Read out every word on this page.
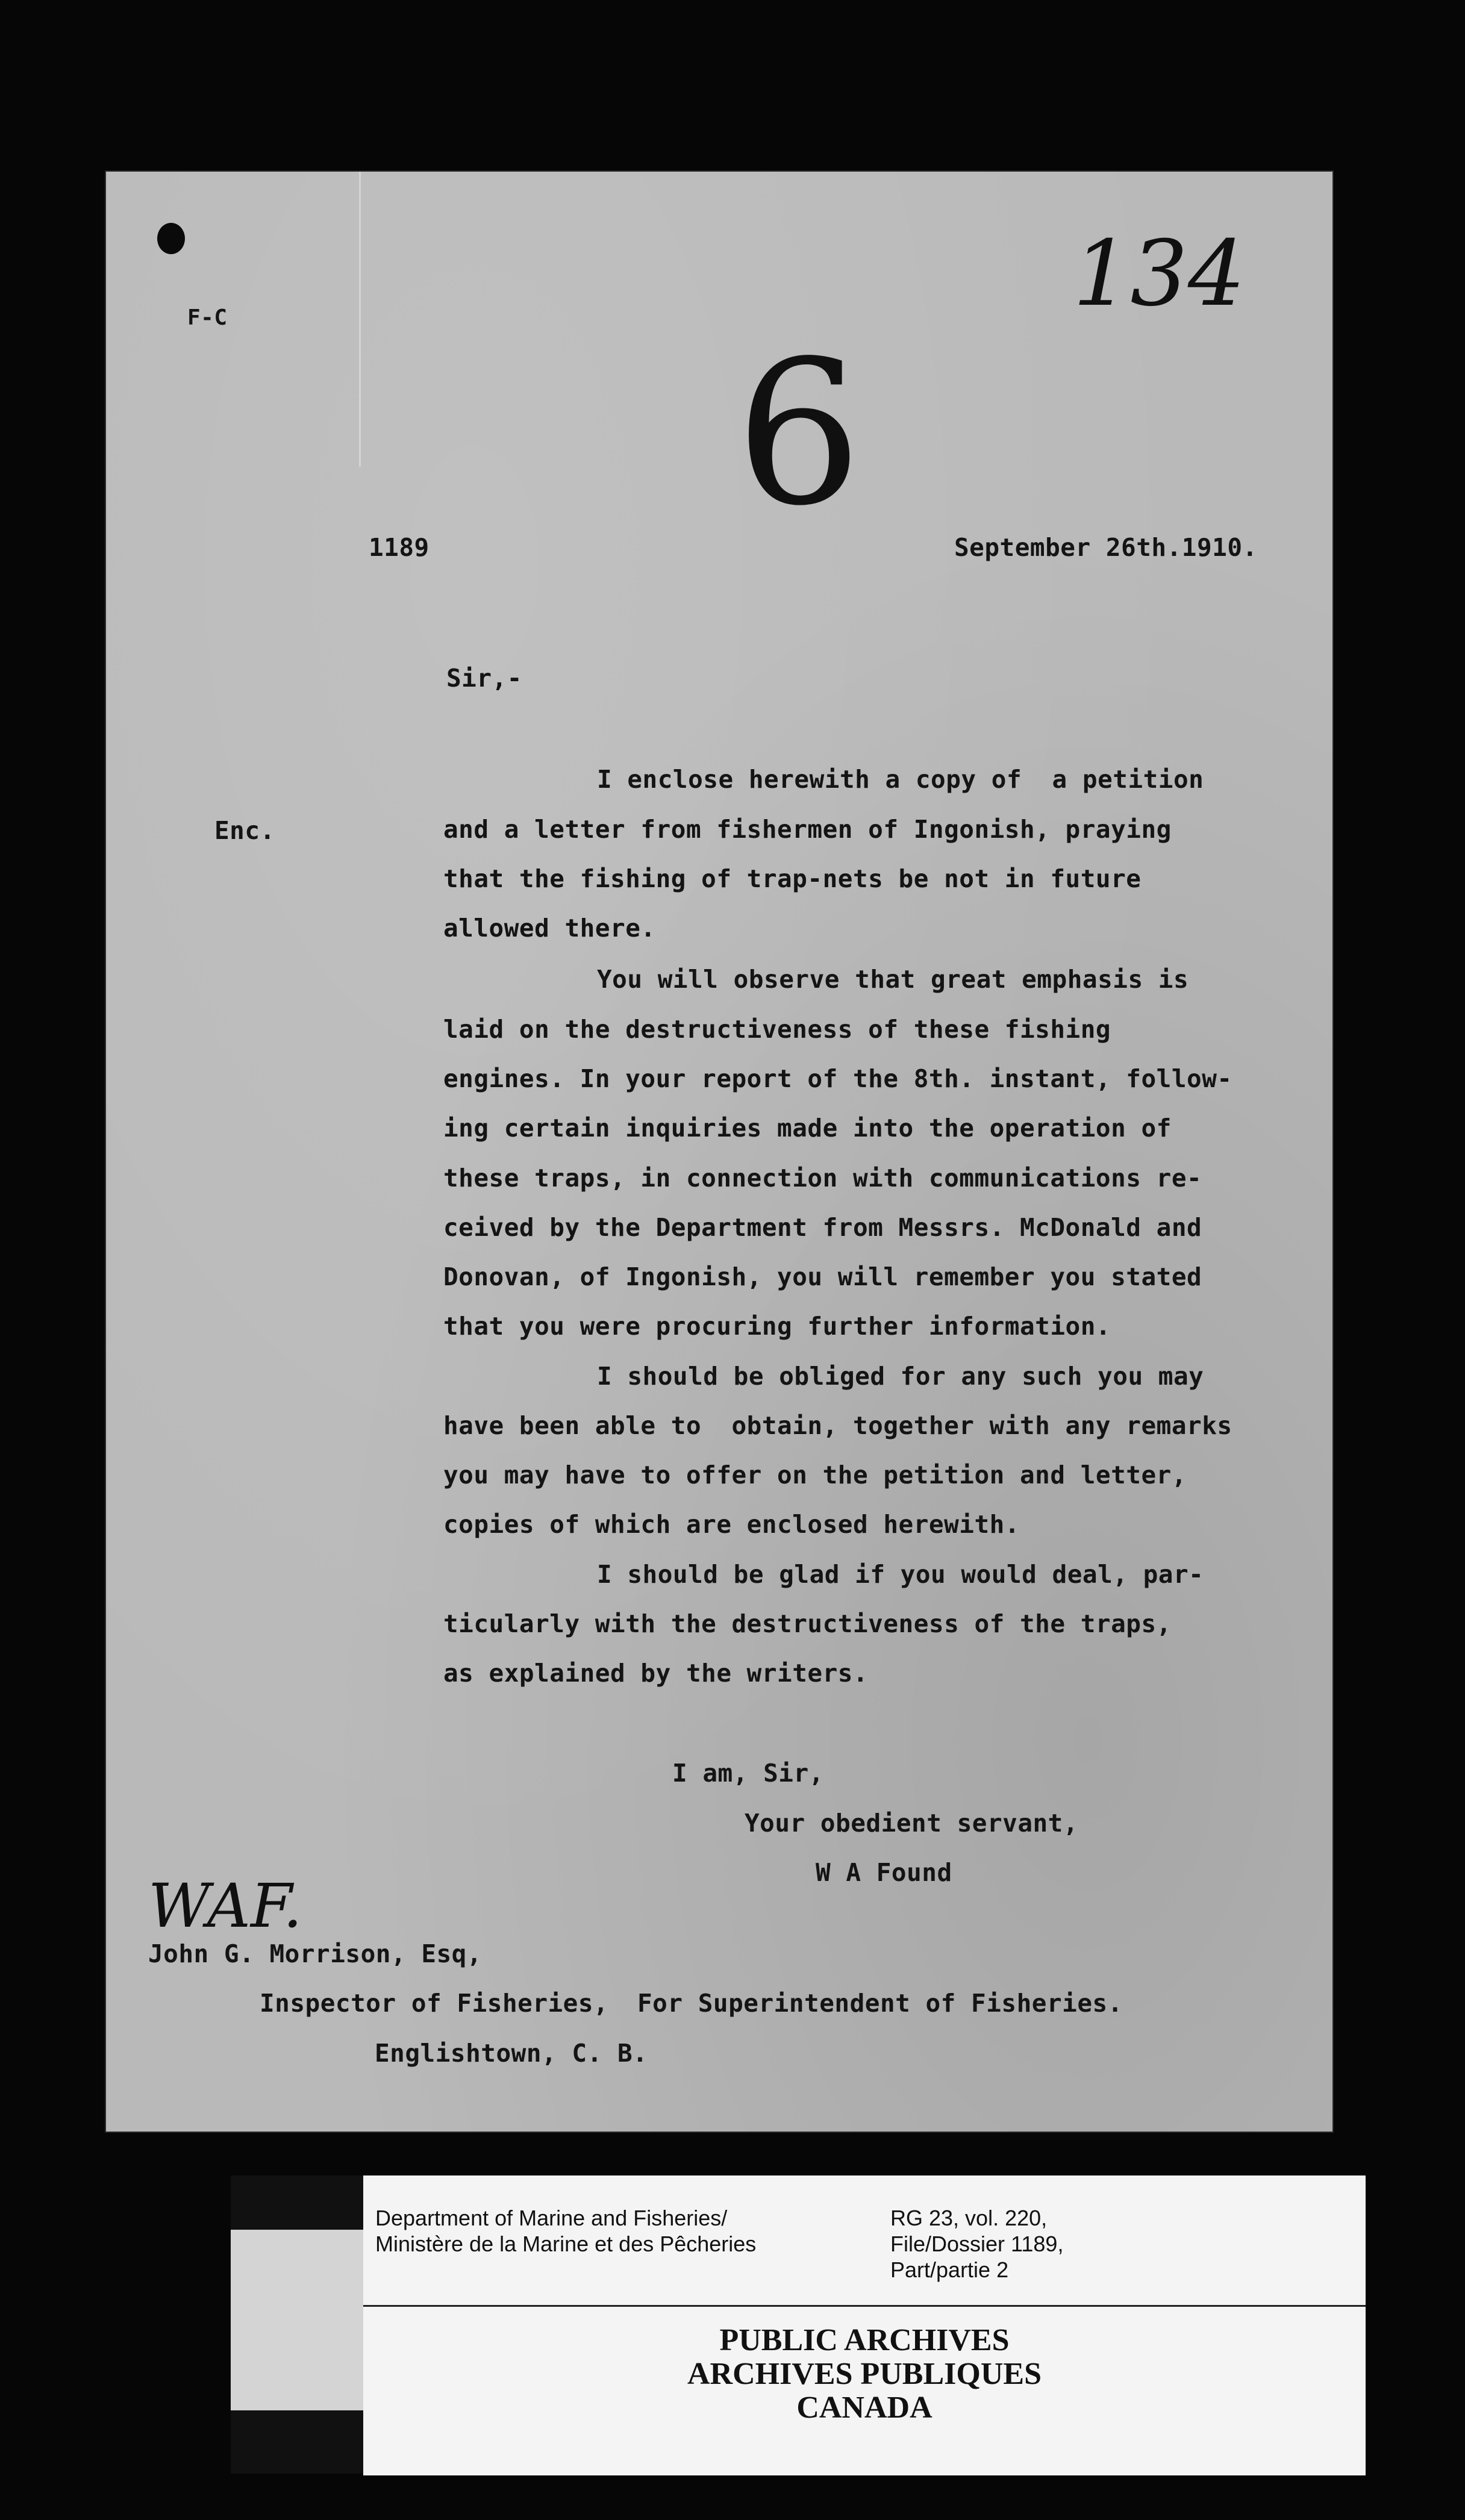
F-C	134
6
1189	September 26th.1910.
Sir,-
Enc.
I enclose herewith a copy of  a petition
and a letter from fishermen of Ingonish, praying
that the fishing of trap-nets be not in future
allowed there.
You will observe that great emphasis is
laid on the destructiveness of these fishing
engines. In your report of the 8th. instant, follow-
ing certain inquiries made into the operation of
these traps, in connection with communications re-
ceived by the Department from Messrs. McDonald and
Donovan, of Ingonish, you will remember you stated
that you were procuring further information.
I should be obliged for any such you may
have been able to  obtain, together with any remarks
you may have to offer on the petition and letter,
copies of which are enclosed herewith.
I should be glad if you would deal, par-
ticularly with the destructiveness of the traps,
as explained by the writers.
I am, Sir,
Your obedient servant,
W A Found
WAF.
John G. Morrison, Esq,
Inspector of Fisheries, For Superintendent of Fisheries.
Englishtown, C. B.
Department of Marine and Fisheries/
Ministère de la Marine et des Pêcheries
RG 23, vol. 220,
File/Dossier 1189,
Part/partie 2
PUBLIC ARCHIVES
ARCHIVES PUBLIQUES
CANADA
